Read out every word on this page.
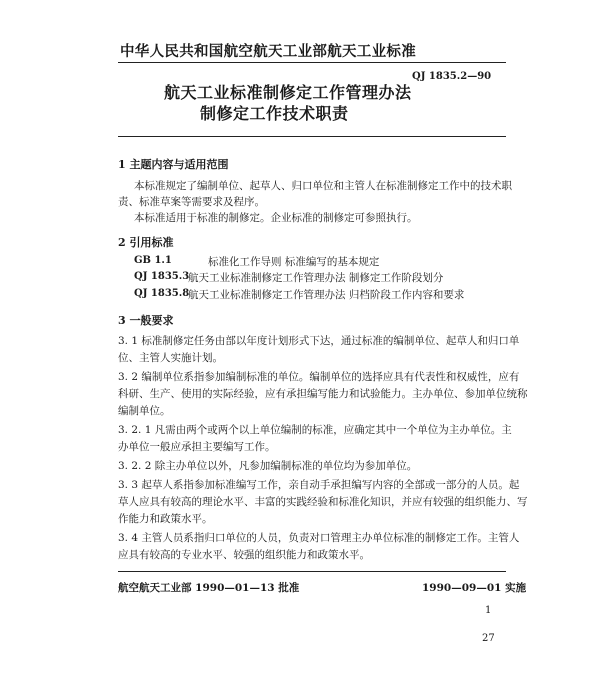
中华人民共和国航空航天工业部航天工业标准
QJ 1835.2—90
航天工业标准制修定工作管理办法
制修定工作技术职责
1 主题内容与适用范围
本标准规定了编制单位、起草人、归口单位和主管人在标准制修定工作中的技术职
责、标准草案等需要求及程序。
本标准适用于标准的制修定。企业标准的制修定可参照执行。
2 引用标准
GB 1.1	标准化工作导则 标准编写的基本规定
QJ 1835.3
航天工业标准制修定工作管理办法 制修定工作阶段划分
QJ 1835.8
航天工业标准制修定工作管理办法 归档阶段工作内容和要求
3 一般要求
3. 1 标准制修定任务由部以年度计划形式下达，通过标准的编制单位、起草人和归口单
位、主管人实施计划。
3. 2 编制单位系指参加编制标准的单位。编制单位的选择应具有代表性和权威性，应有
科研、生产、使用的实际经验，应有承担编写能力和试验能力。主办单位、参加单位统称
编制单位。
3. 2. 1 凡需由两个或两个以上单位编制的标准，应确定其中一个单位为主办单位。主
办单位一般应承担主要编写工作。
3. 2. 2 除主办单位以外，凡参加编制标准的单位均为参加单位。
3. 3 起草人系指参加标准编写工作，亲自动手承担编写内容的全部或一部分的人员。起
草人应具有较高的理论水平、丰富的实践经验和标准化知识，并应有较强的组织能力、写
作能力和政策水平。
3. 4 主管人员系指归口单位的人员，负责对口管理主办单位标准的制修定工作。主管人
应具有较高的专业水平、较强的组织能力和政策水平。
航空航天工业部 1990—01—13 批准	1990—09—01 实施
1
27
